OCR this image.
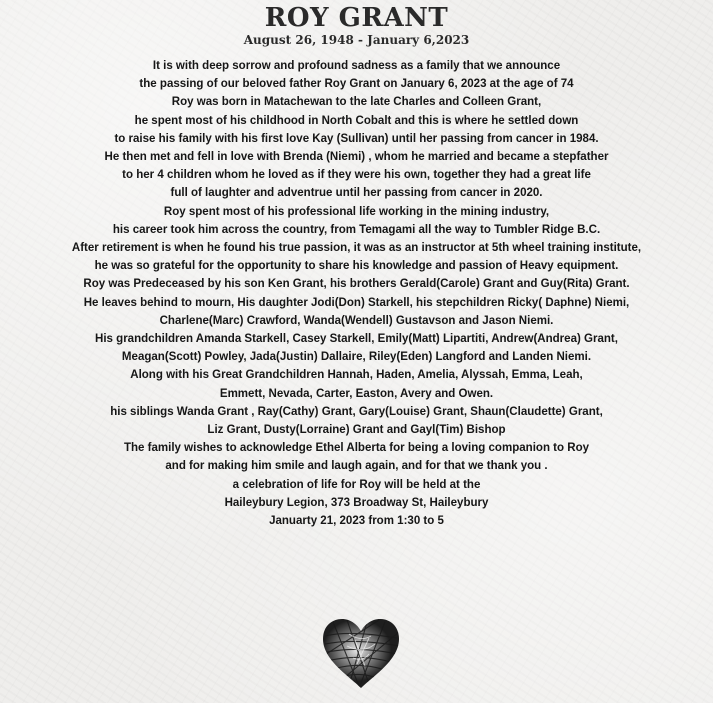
ROY GRANT
August 26, 1948 - January 6,2023
It is with deep sorrow and profound sadness as a family that we announce
the passing of our beloved father Roy Grant on January 6, 2023 at the age of 74
Roy was born in Matachewan to the late Charles and Colleen Grant,
he spent most of his childhood in North Cobalt and this is where he settled down
to raise his family with his first love Kay (Sullivan) until her passing from cancer in 1984.
He then met and fell in love with Brenda (Niemi) , whom he married and became a stepfather
to her 4 children whom he loved as if they were his own, together they had a great life
full of laughter and adventrue until her passing from cancer in 2020.
Roy spent most of his professional life working in the mining industry,
his career took him across the country, from Temagami all the way to Tumbler Ridge B.C.
After retirement is when he found his true passion, it was as an instructor at 5th wheel training institute,
he was so grateful for the opportunity to share his knowledge and passion of Heavy equipment.
Roy was Predeceased by his son Ken Grant, his brothers Gerald(Carole) Grant and Guy(Rita) Grant.
He leaves behind to mourn, His daughter Jodi(Don) Starkell, his stepchildren Ricky( Daphne) Niemi,
Charlene(Marc) Crawford, Wanda(Wendell) Gustavson and Jason Niemi.
His grandchildren Amanda Starkell, Casey Starkell, Emily(Matt) Lipartiti, Andrew(Andrea) Grant,
Meagan(Scott) Powley, Jada(Justin) Dallaire, Riley(Eden) Langford and Landen Niemi.
Along with his Great Grandchildren Hannah, Haden, Amelia, Alyssah, Emma, Leah,
Emmett, Nevada, Carter, Easton, Avery and Owen.
his siblings Wanda Grant , Ray(Cathy) Grant, Gary(Louise) Grant, Shaun(Claudette) Grant,
Liz Grant, Dusty(Lorraine) Grant and Gayl(Tim) Bishop
The family wishes to acknowledge Ethel Alberta for being a loving companion to Roy
and for making him smile and laugh again, and for that we thank you .
a celebration of life for Roy will be held at the
Haileybury Legion, 373 Broadway St, Haileybury
Januarty 21, 2023 from 1:30 to 5
